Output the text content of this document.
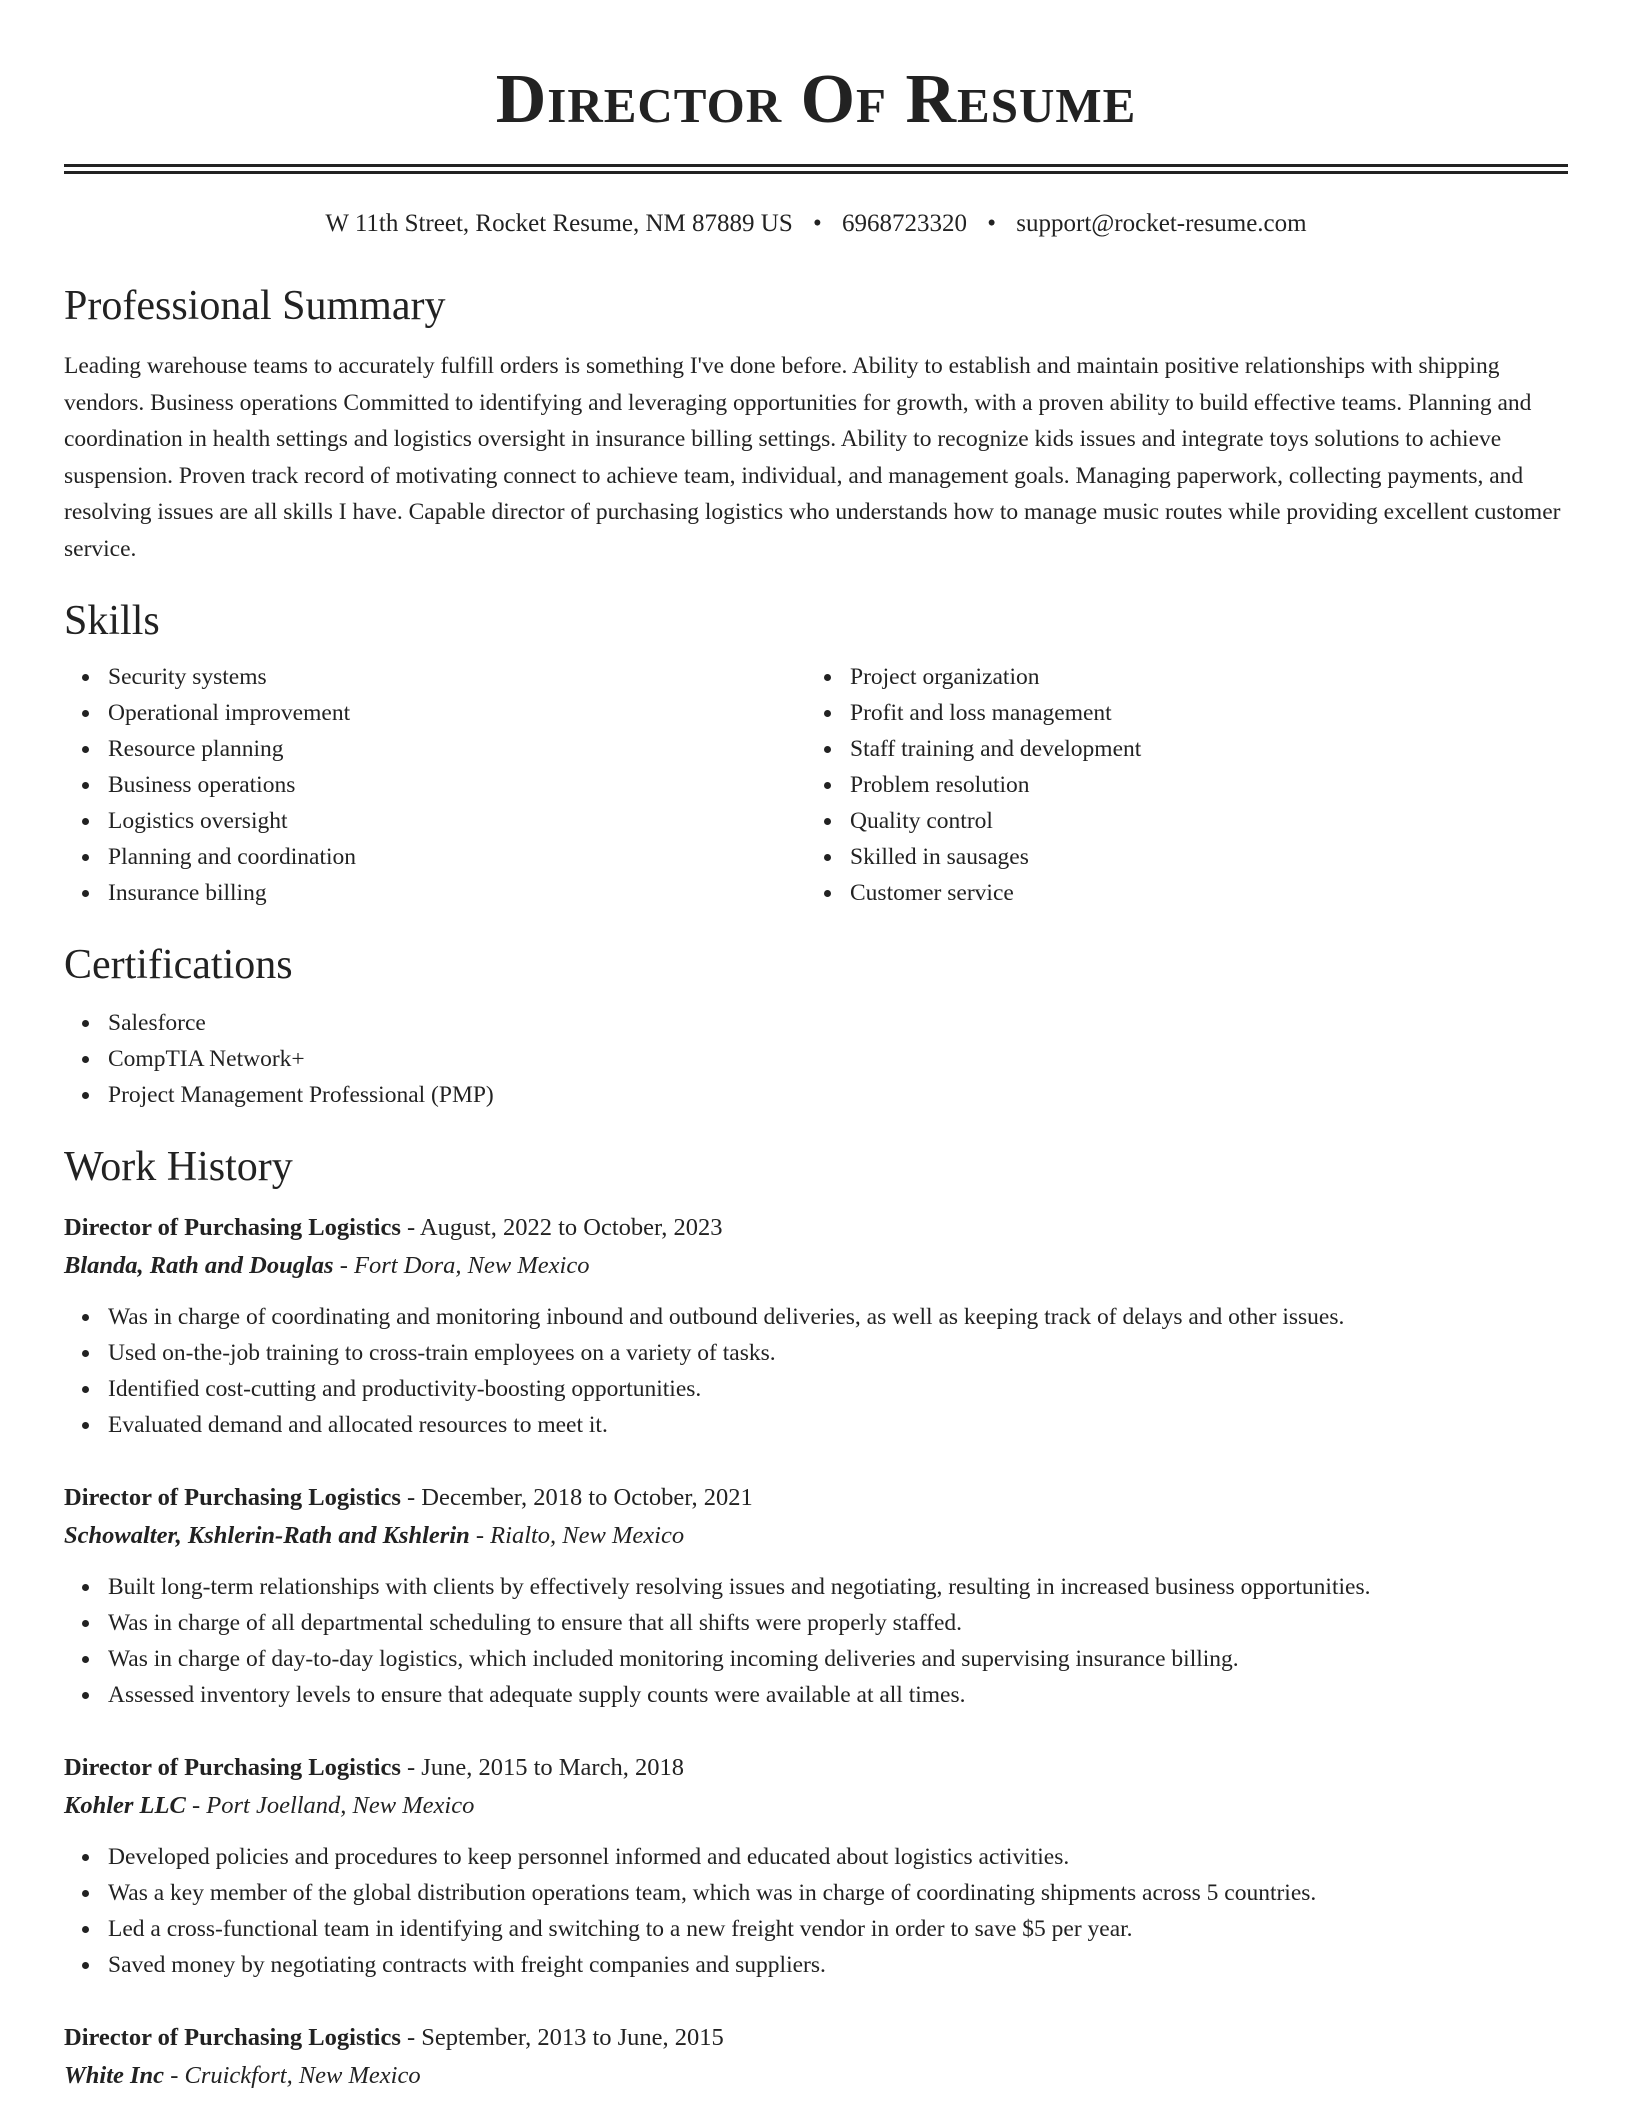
Director Of Resume
W 11th Street, Rocket Resume, NM 87889 US • 6968723320 • support@rocket-resume.com
Professional Summary

Leading warehouse teams to accurately fulfill orders is something I've done before. Ability to establish and maintain positive relationships with shipping vendors. Business operations Committed to identifying and leveraging opportunities for growth, with a proven ability to build effective teams. Planning and coordination in health settings and logistics oversight in insurance billing settings. Ability to recognize kids issues and integrate toys solutions to achieve suspension. Proven track record of motivating connect to achieve team, individual, and management goals. Managing paperwork, collecting payments, and resolving issues are all skills I have. Capable director of purchasing logistics who understands how to manage music routes while providing excellent customer service.

Skills
Security systems
Operational improvement
Resource planning
Business operations
Logistics oversight
Planning and coordination
Insurance billing
Project organization
Profit and loss management
Staff training and development
Problem resolution
Quality control
Skilled in sausages
Customer service
Certifications
Salesforce
CompTIA Network+
Project Management Professional (PMP)
Work History
Director of Purchasing Logistics - August, 2022 to October, 2023
Blanda, Rath and Douglas - Fort Dora, New Mexico
Was in charge of coordinating and monitoring inbound and outbound deliveries, as well as keeping track of delays and other issues.
Used on-the-job training to cross-train employees on a variety of tasks.
Identified cost-cutting and productivity-boosting opportunities.
Evaluated demand and allocated resources to meet it.
Director of Purchasing Logistics - December, 2018 to October, 2021
Schowalter, Kshlerin-Rath and Kshlerin - Rialto, New Mexico
Built long-term relationships with clients by effectively resolving issues and negotiating, resulting in increased business opportunities.
Was in charge of all departmental scheduling to ensure that all shifts were properly staffed.
Was in charge of day-to-day logistics, which included monitoring incoming deliveries and supervising insurance billing.
Assessed inventory levels to ensure that adequate supply counts were available at all times.
Director of Purchasing Logistics - June, 2015 to March, 2018
Kohler LLC - Port Joelland, New Mexico
Developed policies and procedures to keep personnel informed and educated about logistics activities.
Was a key member of the global distribution operations team, which was in charge of coordinating shipments across 5 countries.
Led a cross-functional team in identifying and switching to a new freight vendor in order to save $5 per year.
Saved money by negotiating contracts with freight companies and suppliers.
Director of Purchasing Logistics - September, 2013 to June, 2015
White Inc - Cruickfort, New Mexico
